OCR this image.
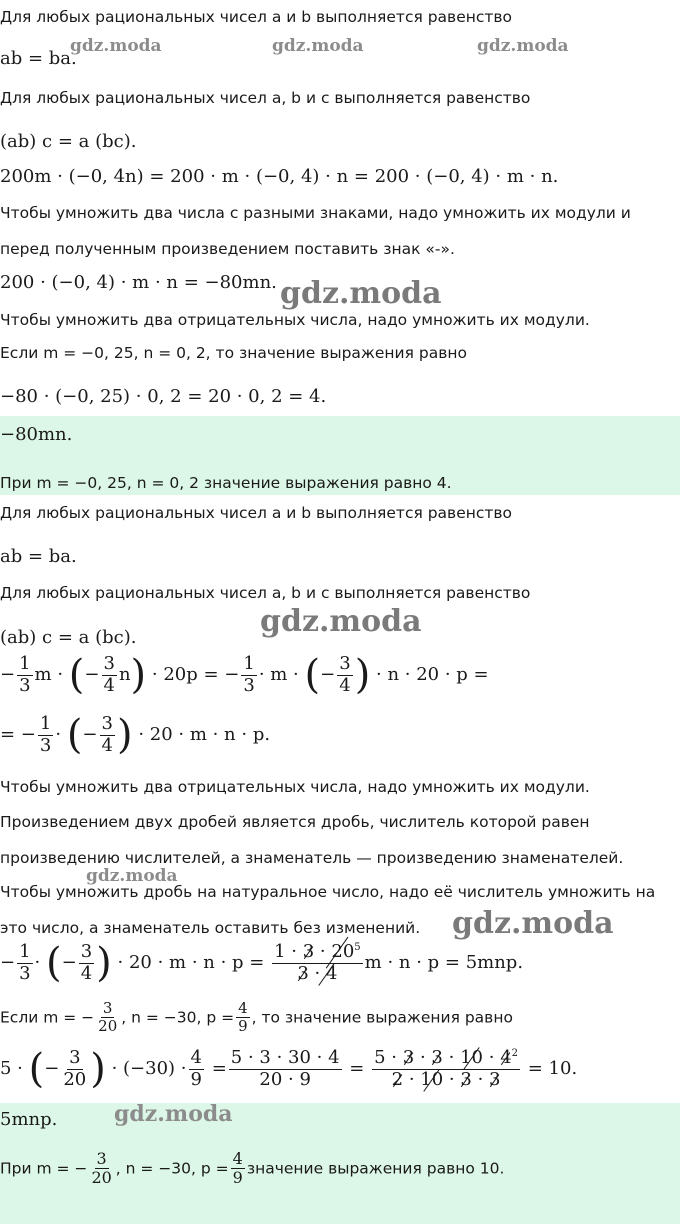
Для любых рациональных чисел a и b выполняется равенство
ab = ba.
Для любых рациональных чисел a, b и c выполняется равенство
(ab) c = a (bc).
200m · (−0, 4n) = 200 · m · (−0, 4) · n = 200 · (−0, 4) · m · n.
Чтобы умножить два числа с разными знаками, надо умножить их модули и
перед полученным произведением поставить знак «-».
200 · (−0, 4) · m · n = −80mn.
Чтобы умножить два отрицательных числа, надо умножить их модули.
Если m = −0, 25, n = 0, 2, то значение выражения равно
−80 · (−0, 25) · 0, 2 = 20 · 0, 2 = 4.
−80mn.
При m = −0, 25, n = 0, 2 значение выражения равно 4.
Для любых рациональных чисел a и b выполняется равенство
ab = ba.
Для любых рациональных чисел a, b и c выполняется равенство
(ab) c = a (bc).
− $\frac{1}{3}$ m · (− $\frac{3}{4} n) \cdot 20p$ = − $\frac{1}{3} \cdot m$ · (− $\frac{3}{4}$ ) · n · 20 · p =
= − $\frac{1}{3}$ · (− $\frac{3}{4}$ ) · 20 · m · n · p.
Чтобы умножить два отрицательных числа, надо умножить их модули.
Произведением двух дробей является дробь, числитель которой равен
произведению числителей, а знаменатель — произведению знаменателей.
Чтобы умножить дробь на натуральное число, надо её числитель умножить на
это число, а знаменатель оставить без изменений.
− $\frac{1}{3}$ · (− $\frac{3}{4}$ ) · $20 \cdot m \cdot n \cdot p = \frac{1 \cdot 3 \cdot 20^5}{3 \cdot 4}$ m · n · p = 5mnp.
Если m = − $\frac{3}{20}$ , n = −30, $p = \frac{4}{9}$ , то значение выражения равно
5 · (− $\frac{3}{20}$ ) · $(-30) \cdot \frac{4}{9} = \frac{5 \cdot 3 \cdot 30 \cdot 4}{20 \cdot 9} = \frac{5 \cdot 3 \cdot 3 \cdot 10 \cdot 4^2}{2 \cdot 10 \cdot 3 \cdot 3} = 10$.
5mnp.
При m = − $\frac{3}{20}$ , n = −30, $p = \frac{4}{9}$ значение выражения равно 10.
gdz.moda	gdz.moda	gdz.moda
gdz.moda
gdz.moda
gdz.moda
gdz.moda
gdz.moda
